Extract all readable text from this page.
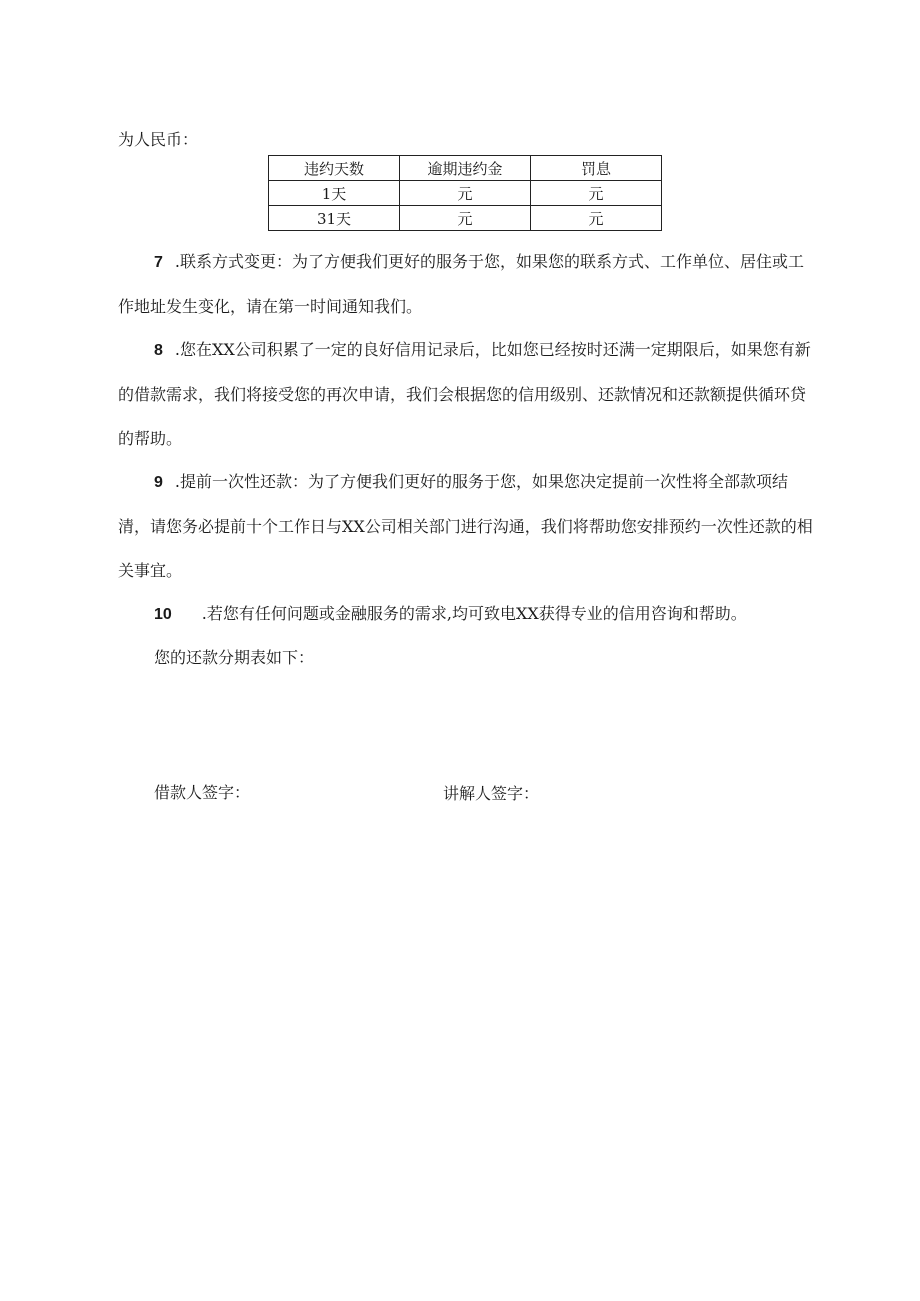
为人民币：
违约天数	逾期违约金	罚息
1天	元	元
31天	元	元
7 .联系方式变更：为了方便我们更好的服务于您，如果您的联系方式、工作单位、居住或工作地址发生变化，请在第一时间通知我们。
8 .您在XX公司积累了一定的良好信用记录后，比如您已经按时还满一定期限后，如果您有新的借款需求，我们将接受您的再次申请，我们会根据您的信用级别、还款情况和还款额提供循环贷的帮助。
9 .提前一次性还款：为了方便我们更好的服务于您，如果您决定提前一次性将全部款项结清，请您务必提前十个工作日与XX公司相关部门进行沟通，我们将帮助您安排预约一次性还款的相关事宜。
10 .若您有任何问题或金融服务的需求,均可致电XX获得专业的信用咨询和帮助。
您的还款分期表如下：
借款人签字：	讲解人签字：
